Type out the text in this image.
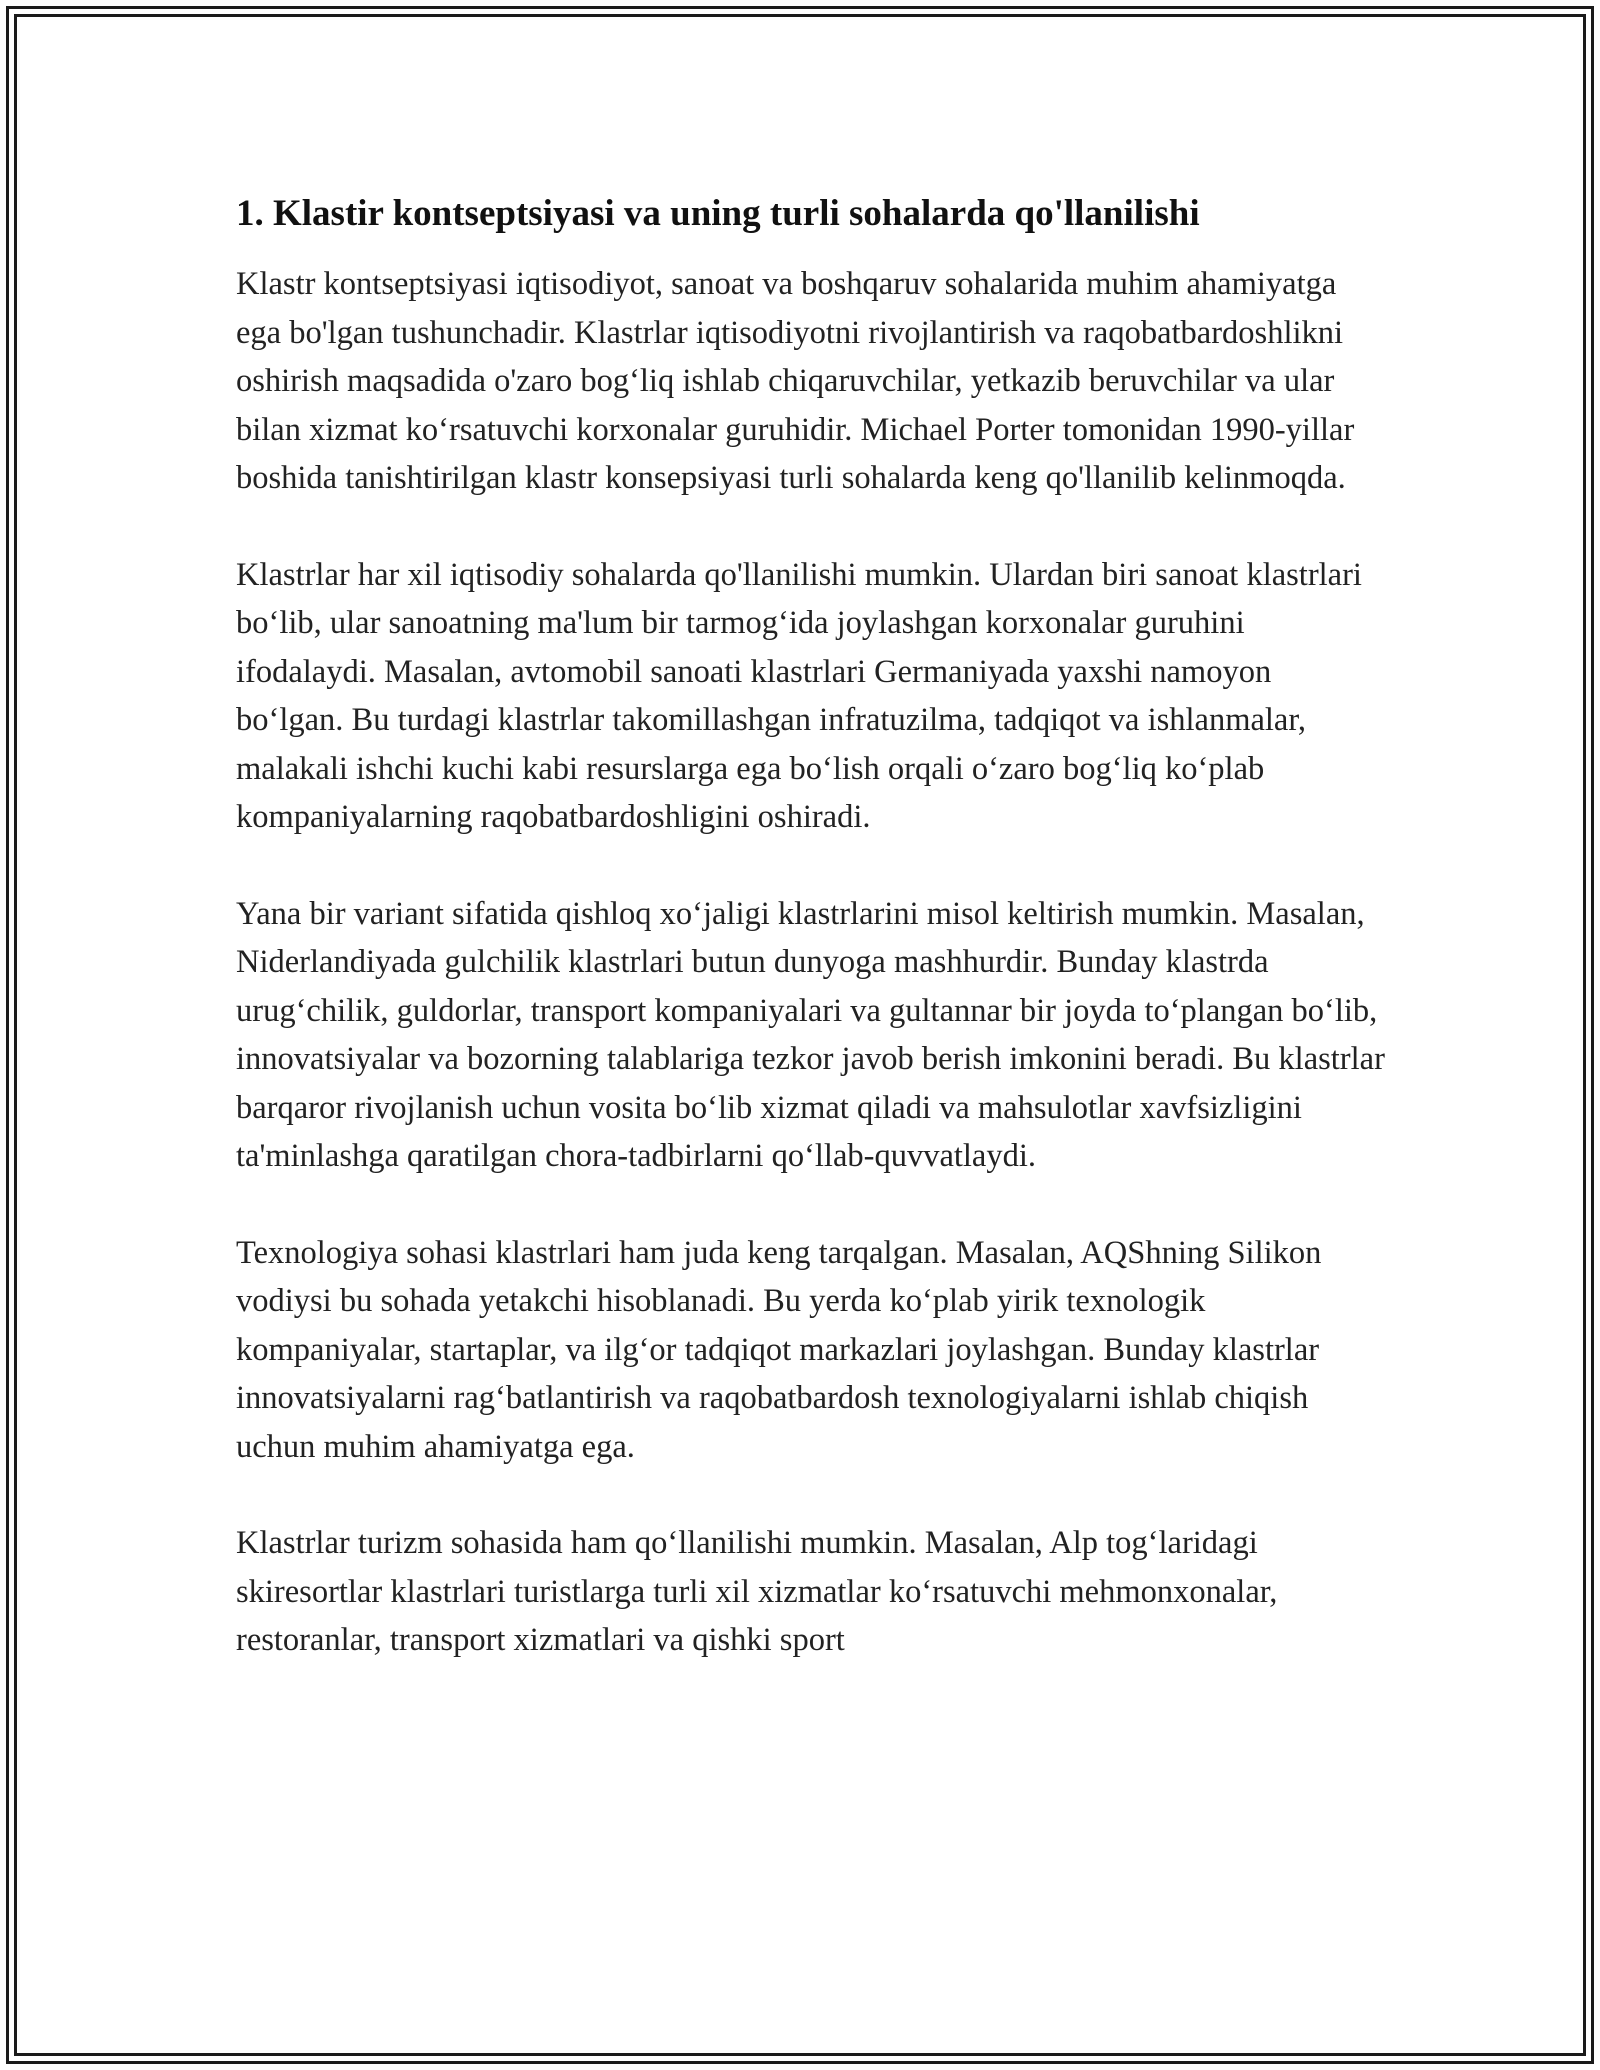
1. Klastir kontseptsiyasi va uning turli sohalarda qo'llanilishi

Klastr kontseptsiyasi iqtisodiyot, sanoat va boshqaruv sohalarida muhim ahamiyatga ega bo'lgan tushunchadir. Klastrlar iqtisodiyotni rivojlantirish va raqobatbardoshlikni oshirish maqsadida o'zaro bog‘liq ishlab chiqaruvchilar, yetkazib beruvchilar va ular bilan xizmat ko‘rsatuvchi korxonalar guruhidir. Michael Porter tomonidan 1990-yillar boshida tanishtirilgan klastr konsepsiyasi turli sohalarda keng qo'llanilib kelinmoqda.

Klastrlar har xil iqtisodiy sohalarda qo'llanilishi mumkin. Ulardan biri sanoat klastrlari bo‘lib, ular sanoatning ma'lum bir tarmog‘ida joylashgan korxonalar guruhini ifodalaydi. Masalan, avtomobil sanoati klastrlari Germaniyada yaxshi namoyon bo‘lgan. Bu turdagi klastrlar takomillashgan infratuzilma, tadqiqot va ishlanmalar, malakali ishchi kuchi kabi resurslarga ega bo‘lish orqali o‘zaro bog‘liq ko‘plab kompaniyalarning raqobatbardoshligini oshiradi.

Yana bir variant sifatida qishloq xo‘jaligi klastrlarini misol keltirish mumkin. Masalan, Niderlandiyada gulchilik klastrlari butun dunyoga mashhurdir. Bunday klastrda urug‘chilik, guldorlar, transport kompaniyalari va gultannar bir joyda to‘plangan bo‘lib, innovatsiyalar va bozorning talablariga tezkor javob berish imkonini beradi. Bu klastrlar barqaror rivojlanish uchun vosita bo‘lib xizmat qiladi va mahsulotlar xavfsizligini ta'minlashga qaratilgan chora-tadbirlarni qo‘llab-quvvatlaydi.

Texnologiya sohasi klastrlari ham juda keng tarqalgan. Masalan, AQShning Silikon vodiysi bu sohada yetakchi hisoblanadi. Bu yerda ko‘plab yirik texnologik kompaniyalar, startaplar, va ilg‘or tadqiqot markazlari joylashgan. Bunday klastrlar innovatsiyalarni rag‘batlantirish va raqobatbardosh texnologiyalarni ishlab chiqish uchun muhim ahamiyatga ega.

Klastrlar turizm sohasida ham qo‘llanilishi mumkin. Masalan, Alp tog‘laridagi skiresortlar klastrlari turistlarga turli xil xizmatlar ko‘rsatuvchi mehmonxonalar, restoranlar, transport xizmatlari va qishki sport
